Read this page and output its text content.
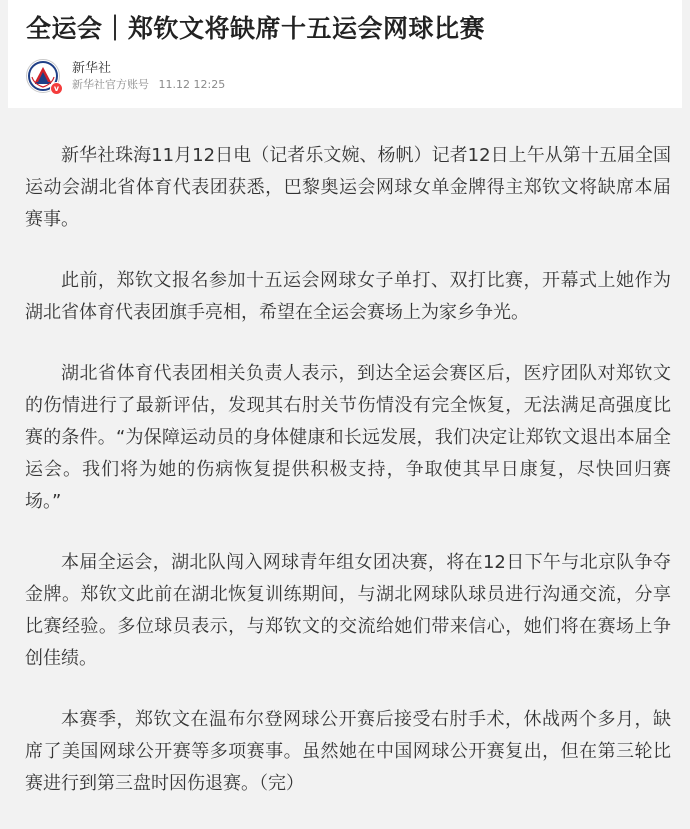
全运会｜郑钦文将缺席十五运会网球比赛
v
新华社
新华社官方账号 11.12 12:25

新华社珠海11月12日电（记者乐文婉、杨帆）记者12日上午从第十五届全国运动会湖北省体育代表团获悉，巴黎奥运会网球女单金牌得主郑钦文将缺席本届赛事。

此前，郑钦文报名参加十五运会网球女子单打、双打比赛，开幕式上她作为湖北省体育代表团旗手亮相，希望在全运会赛场上为家乡争光。

湖北省体育代表团相关负责人表示，到达全运会赛区后，医疗团队对郑钦文的伤情进行了最新评估，发现其右肘关节伤情没有完全恢复，无法满足高强度比赛的条件。“为保障运动员的身体健康和长远发展，我们决定让郑钦文退出本届全运会。我们将为她的伤病恢复提供积极支持，争取使其早日康复，尽快回归赛场。”

本届全运会，湖北队闯入网球青年组女团决赛，将在12日下午与北京队争夺金牌。郑钦文此前在湖北恢复训练期间，与湖北网球队球员进行沟通交流，分享比赛经验。多位球员表示，与郑钦文的交流给她们带来信心，她们将在赛场上争创佳绩。

本赛季，郑钦文在温布尔登网球公开赛后接受右肘手术，休战两个多月，缺席了美国网球公开赛等多项赛事。虽然她在中国网球公开赛复出，但在第三轮比赛进行到第三盘时因伤退赛。（完）
